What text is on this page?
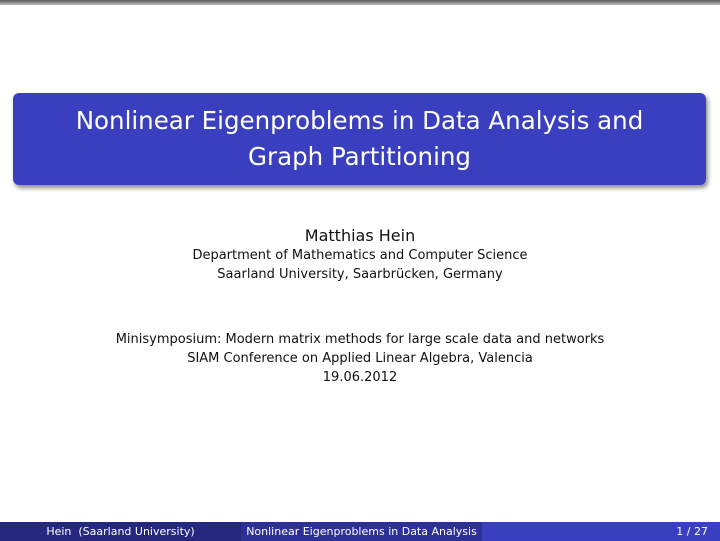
Nonlinear Eigenproblems in Data Analysis and Graph Partitioning
Matthias Hein
Department of Mathematics and Computer Science
Saarland University, Saarbrücken, Germany
Minisymposium: Modern matrix methods for large scale data and networks
SIAM Conference on Applied Linear Algebra, Valencia
19.06.2012
Hein  (Saarland University)	Nonlinear Eigenproblems in Data Analysis	1 / 27
